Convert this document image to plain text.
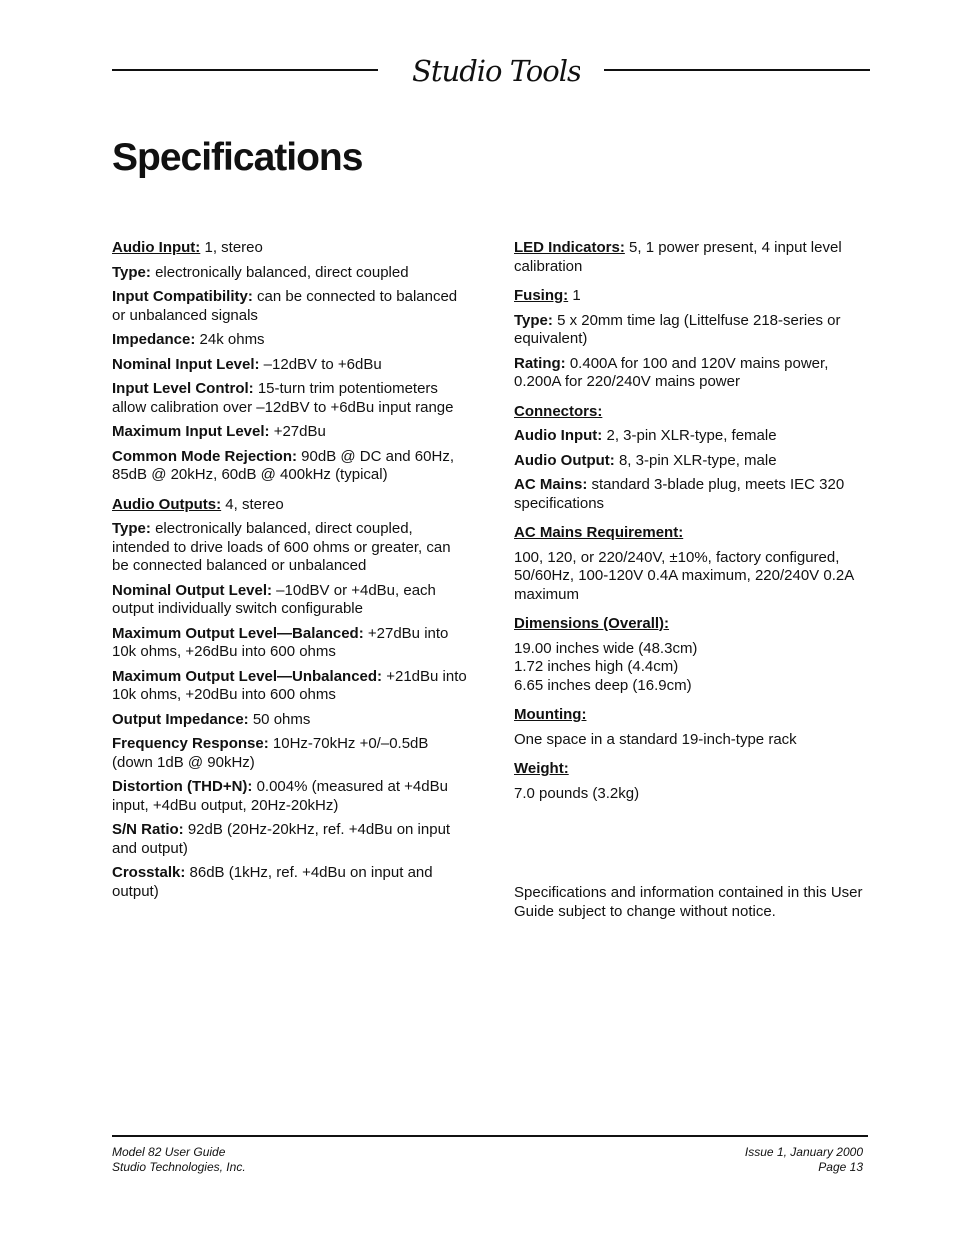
Studio Tools
Specifications

Audio Input: 1, stereo

Type: electronically balanced, direct coupled

Input Compatibility: can be connected to balanced or unbalanced signals

Impedance: 24k ohms

Nominal Input Level: –12dBV to +6dBu

Input Level Control: 15-turn trim potentiometers allow calibration over –12dBV to +6dBu input range

Maximum Input Level: +27dBu

Common Mode Rejection: 90dB @ DC and 60Hz, 85dB @ 20kHz, 60dB @ 400kHz (typical)

Audio Outputs: 4, stereo

Type: electronically balanced, direct coupled, intended to drive loads of 600 ohms or greater, can be connected balanced or unbalanced

Nominal Output Level: –10dBV or +4dBu, each output individually switch configurable

Maximum Output Level—Balanced: +27dBu into 10k ohms, +26dBu into 600 ohms

Maximum Output Level—Unbalanced: +21dBu into 10k ohms, +20dBu into 600 ohms

Output Impedance: 50 ohms

Frequency Response: 10Hz-70kHz +0/–0.5dB (down 1dB @ 90kHz)

Distortion (THD+N): 0.004% (measured at +4dBu input, +4dBu output, 20Hz-20kHz)

S/N Ratio: 92dB (20Hz-20kHz, ref. +4dBu on input and output)

Crosstalk: 86dB (1kHz, ref. +4dBu on input and output)

LED Indicators: 5, 1 power present, 4 input level calibration

Fusing: 1

Type: 5 x 20mm time lag (Littelfuse 218-series or equivalent)

Rating: 0.400A for 100 and 120V mains power, 0.200A for 220/240V mains power

Connectors:

Audio Input: 2, 3-pin XLR-type, female

Audio Output: 8, 3-pin XLR-type, male

AC Mains: standard 3-blade plug, meets IEC 320 specifications

AC Mains Requirement:

100, 120, or 220/240V, ±10%, factory configured, 50/60Hz, 100-120V 0.4A maximum, 220/240V 0.2A maximum

Dimensions (Overall):

19.00 inches wide (48.3cm)
1.72 inches high (4.4cm)
6.65 inches deep (16.9cm)

Mounting:

One space in a standard 19-inch-type rack

Weight:

7.0 pounds (3.2kg)

Specifications and information contained in this User Guide subject to change without notice.

Model 82 User Guide
Studio Technologies, Inc.
Issue 1, January 2000
Page 13
